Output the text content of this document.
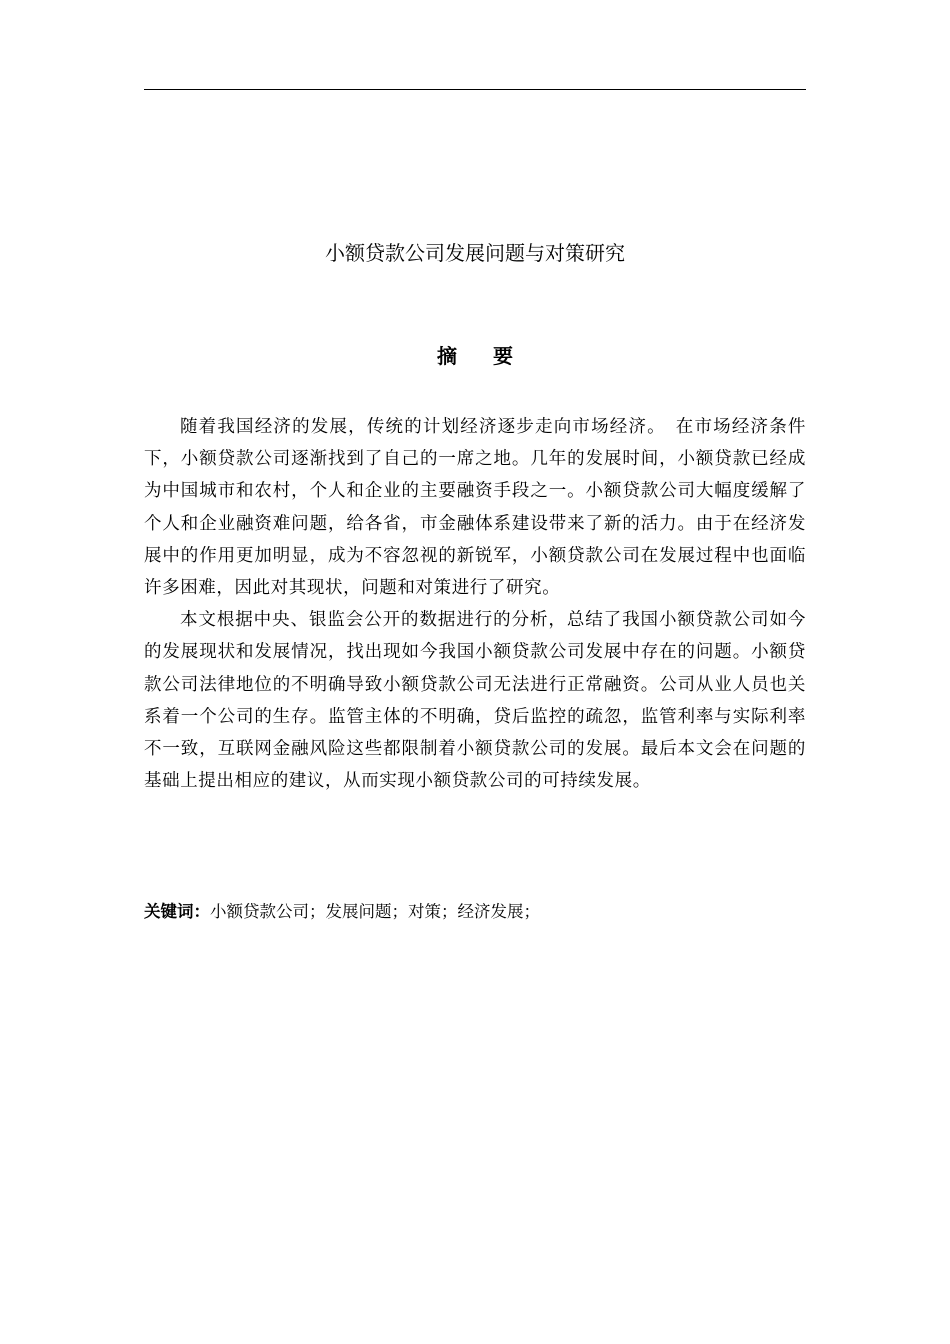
小额贷款公司发展问题与对策研究
摘要

随着我国经济的发展，传统的计划经济逐步走向市场经济。　在市场经济条件下，小额贷款公司逐渐找到了自己的一席之地。几年的发展时间，小额贷款已经成为中国城市和农村，个人和企业的主要融资手段之一。小额贷款公司大幅度缓解了个人和企业融资难问题，给各省，市金融体系建设带来了新的活力。由于在经济发展中的作用更加明显，成为不容忽视的新锐军，小额贷款公司在发展过程中也面临许多困难，因此对其现状，问题和对策进行了研究。

本文根据中央、银监会公开的数据进行的分析，总结了我国小额贷款公司如今的发展现状和发展情况，找出现如今我国小额贷款公司发展中存在的问题。小额贷款公司法律地位的不明确导致小额贷款公司无法进行正常融资。公司从业人员也关系着一个公司的生存。监管主体的不明确，贷后监控的疏忽，监管利率与实际利率不一致，互联网金融风险这些都限制着小额贷款公司的发展。最后本文会在问题的基础上提出相应的建议，从而实现小额贷款公司的可持续发展。

关键词：小额贷款公司；发展问题；对策；经济发展；
